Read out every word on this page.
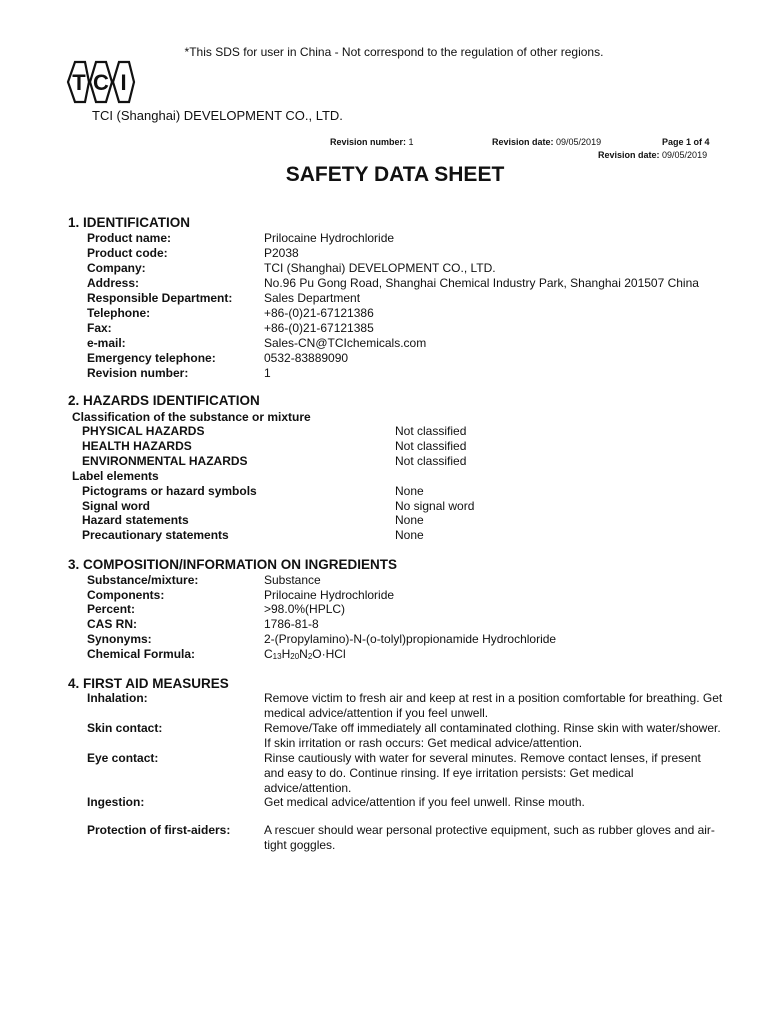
*This SDS for user in China - Not correspond to the regulation of other regions.
T C I
TCI (Shanghai) DEVELOPMENT CO., LTD.
Revision number: 1	Revision date: 09/05/2019	Page 1 of 4
Revision date: 09/05/2019
SAFETY DATA SHEET
1. IDENTIFICATION
Product name:	Prilocaine Hydrochloride
Product code:	P2038
Company:	TCI (Shanghai) DEVELOPMENT CO., LTD.
Address:	No.96 Pu Gong Road, Shanghai Chemical Industry Park, Shanghai 201507 China
Responsible Department:	Sales Department
Telephone:	+86-(0)21-67121386
Fax:	+86-(0)21-67121385
e-mail:	Sales-CN@TCIchemicals.com
Emergency telephone:	0532-83889090
Revision number:	1
2. HAZARDS IDENTIFICATION
Classification of the substance or mixture
PHYSICAL HAZARDS	Not classified
HEALTH HAZARDS	Not classified
ENVIRONMENTAL HAZARDS	Not classified
Label elements
Pictograms or hazard symbols	None
Signal word	No signal word
Hazard statements	None
Precautionary statements	None
3. COMPOSITION/INFORMATION ON INGREDIENTS
Substance/mixture:	Substance
Components:	Prilocaine Hydrochloride
Percent:	>98.0%(HPLC)
CAS RN:	1786-81-8
Synonyms:	2-(Propylamino)-N-(o-tolyl)propionamide Hydrochloride
Chemical Formula:	C13H20N2O·HCl
4. FIRST AID MEASURES
Inhalation:	Remove victim to fresh air and keep at rest in a position comfortable for breathing. Get medical advice/attention if you feel unwell.
Skin contact:	Remove/Take off immediately all contaminated clothing. Rinse skin with water/shower. If skin irritation or rash occurs: Get medical advice/attention.
Eye contact:	Rinse cautiously with water for several minutes. Remove contact lenses, if present and easy to do. Continue rinsing. If eye irritation persists: Get medical advice/attention.
Ingestion:	Get medical advice/attention if you feel unwell. Rinse mouth.
Protection of first-aiders:	A rescuer should wear personal protective equipment, such as rubber gloves and air-tight goggles.
